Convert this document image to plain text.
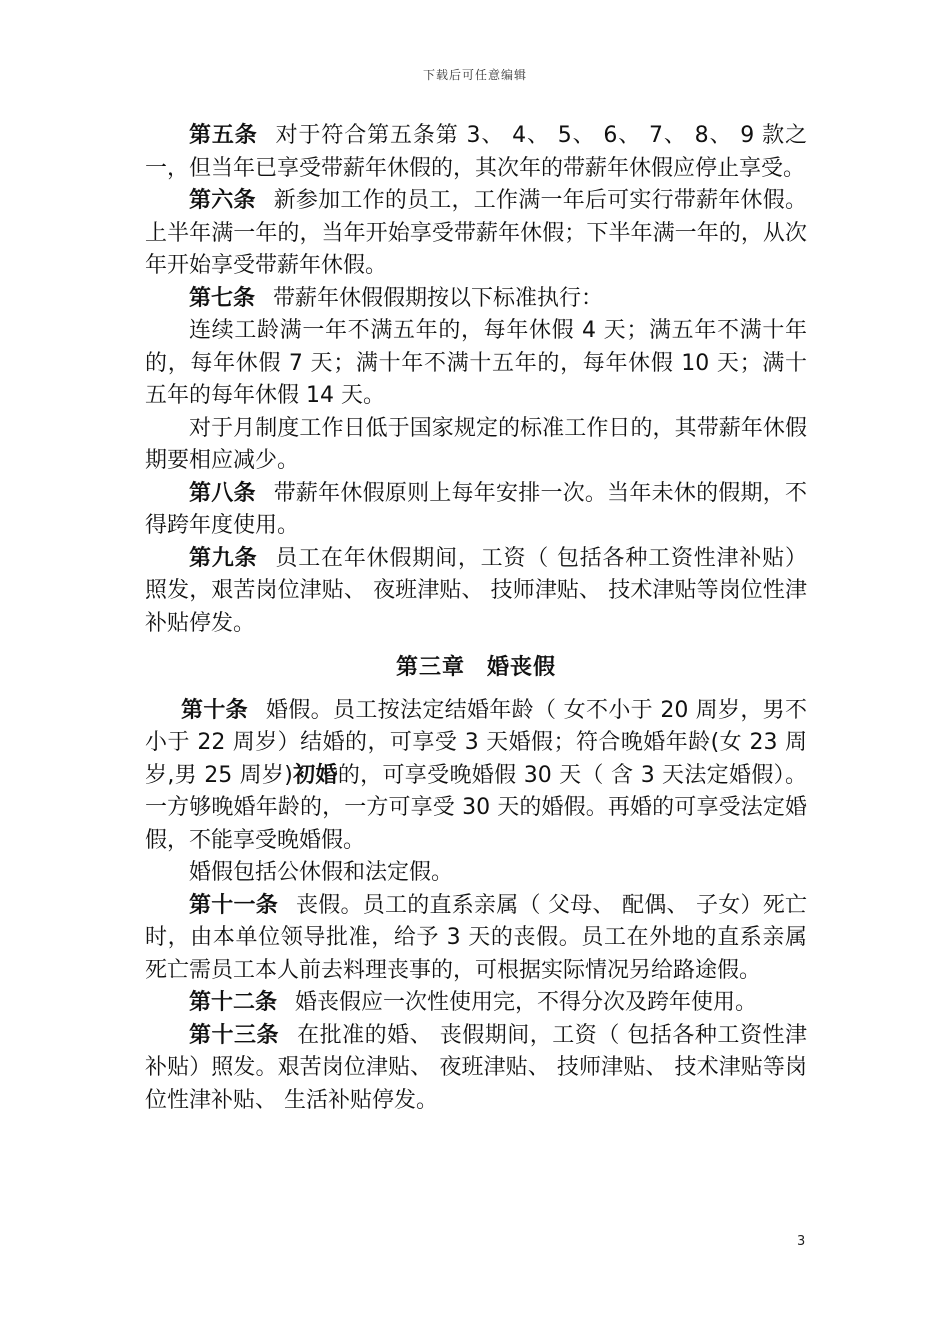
下载后可任意编辑

第五条 对于符合第五条第 3、 4、 5、 6、 7、 8、 9 款之一，但当年已享受带薪年休假的，其次年的带薪年休假应停止享受。

第六条 新参加工作的员工，工作满一年后可实行带薪年休假。上半年满一年的，当年开始享受带薪年休假；下半年满一年的，从次年开始享受带薪年休假。

第七条 带薪年休假假期按以下标准执行：

连续工龄满一年不满五年的，每年休假 4 天；满五年不满十年的，每年休假 7 天；满十年不满十五年的，每年休假 10 天；满十五年的每年休假 14 天。

对于月制度工作日低于国家规定的标准工作日的，其带薪年休假期要相应减少。

第八条 带薪年休假原则上每年安排一次。当年未休的假期，不得跨年度使用。

第九条 员工在年休假期间，工资（ 包括各种工资性津补贴）照发，艰苦岗位津贴、 夜班津贴、 技师津贴、 技术津贴等岗位性津补贴停发。

第三章 婚丧假

第十条 婚假。员工按法定结婚年龄（ 女不小于 20 周岁，男不小于 22 周岁）结婚的，可享受 3 天婚假；符合晚婚年龄(女 23 周岁,男 25 周岁)初婚的，可享受晚婚假 30 天（ 含 3 天法定婚假）。一方够晚婚年龄的，一方可享受 30 天的婚假。再婚的可享受法定婚假，不能享受晚婚假。

婚假包括公休假和法定假。

第十一条 丧假。员工的直系亲属（ 父母、 配偶、 子女）死亡时，由本单位领导批准，给予 3 天的丧假。员工在外地的直系亲属死亡需员工本人前去料理丧事的，可根据实际情况另给路途假。

第十二条 婚丧假应一次性使用完，不得分次及跨年使用。

第十三条 在批准的婚、 丧假期间，工资（ 包括各种工资性津补贴）照发。艰苦岗位津贴、 夜班津贴、 技师津贴、 技术津贴等岗位性津补贴、 生活补贴停发。

3
